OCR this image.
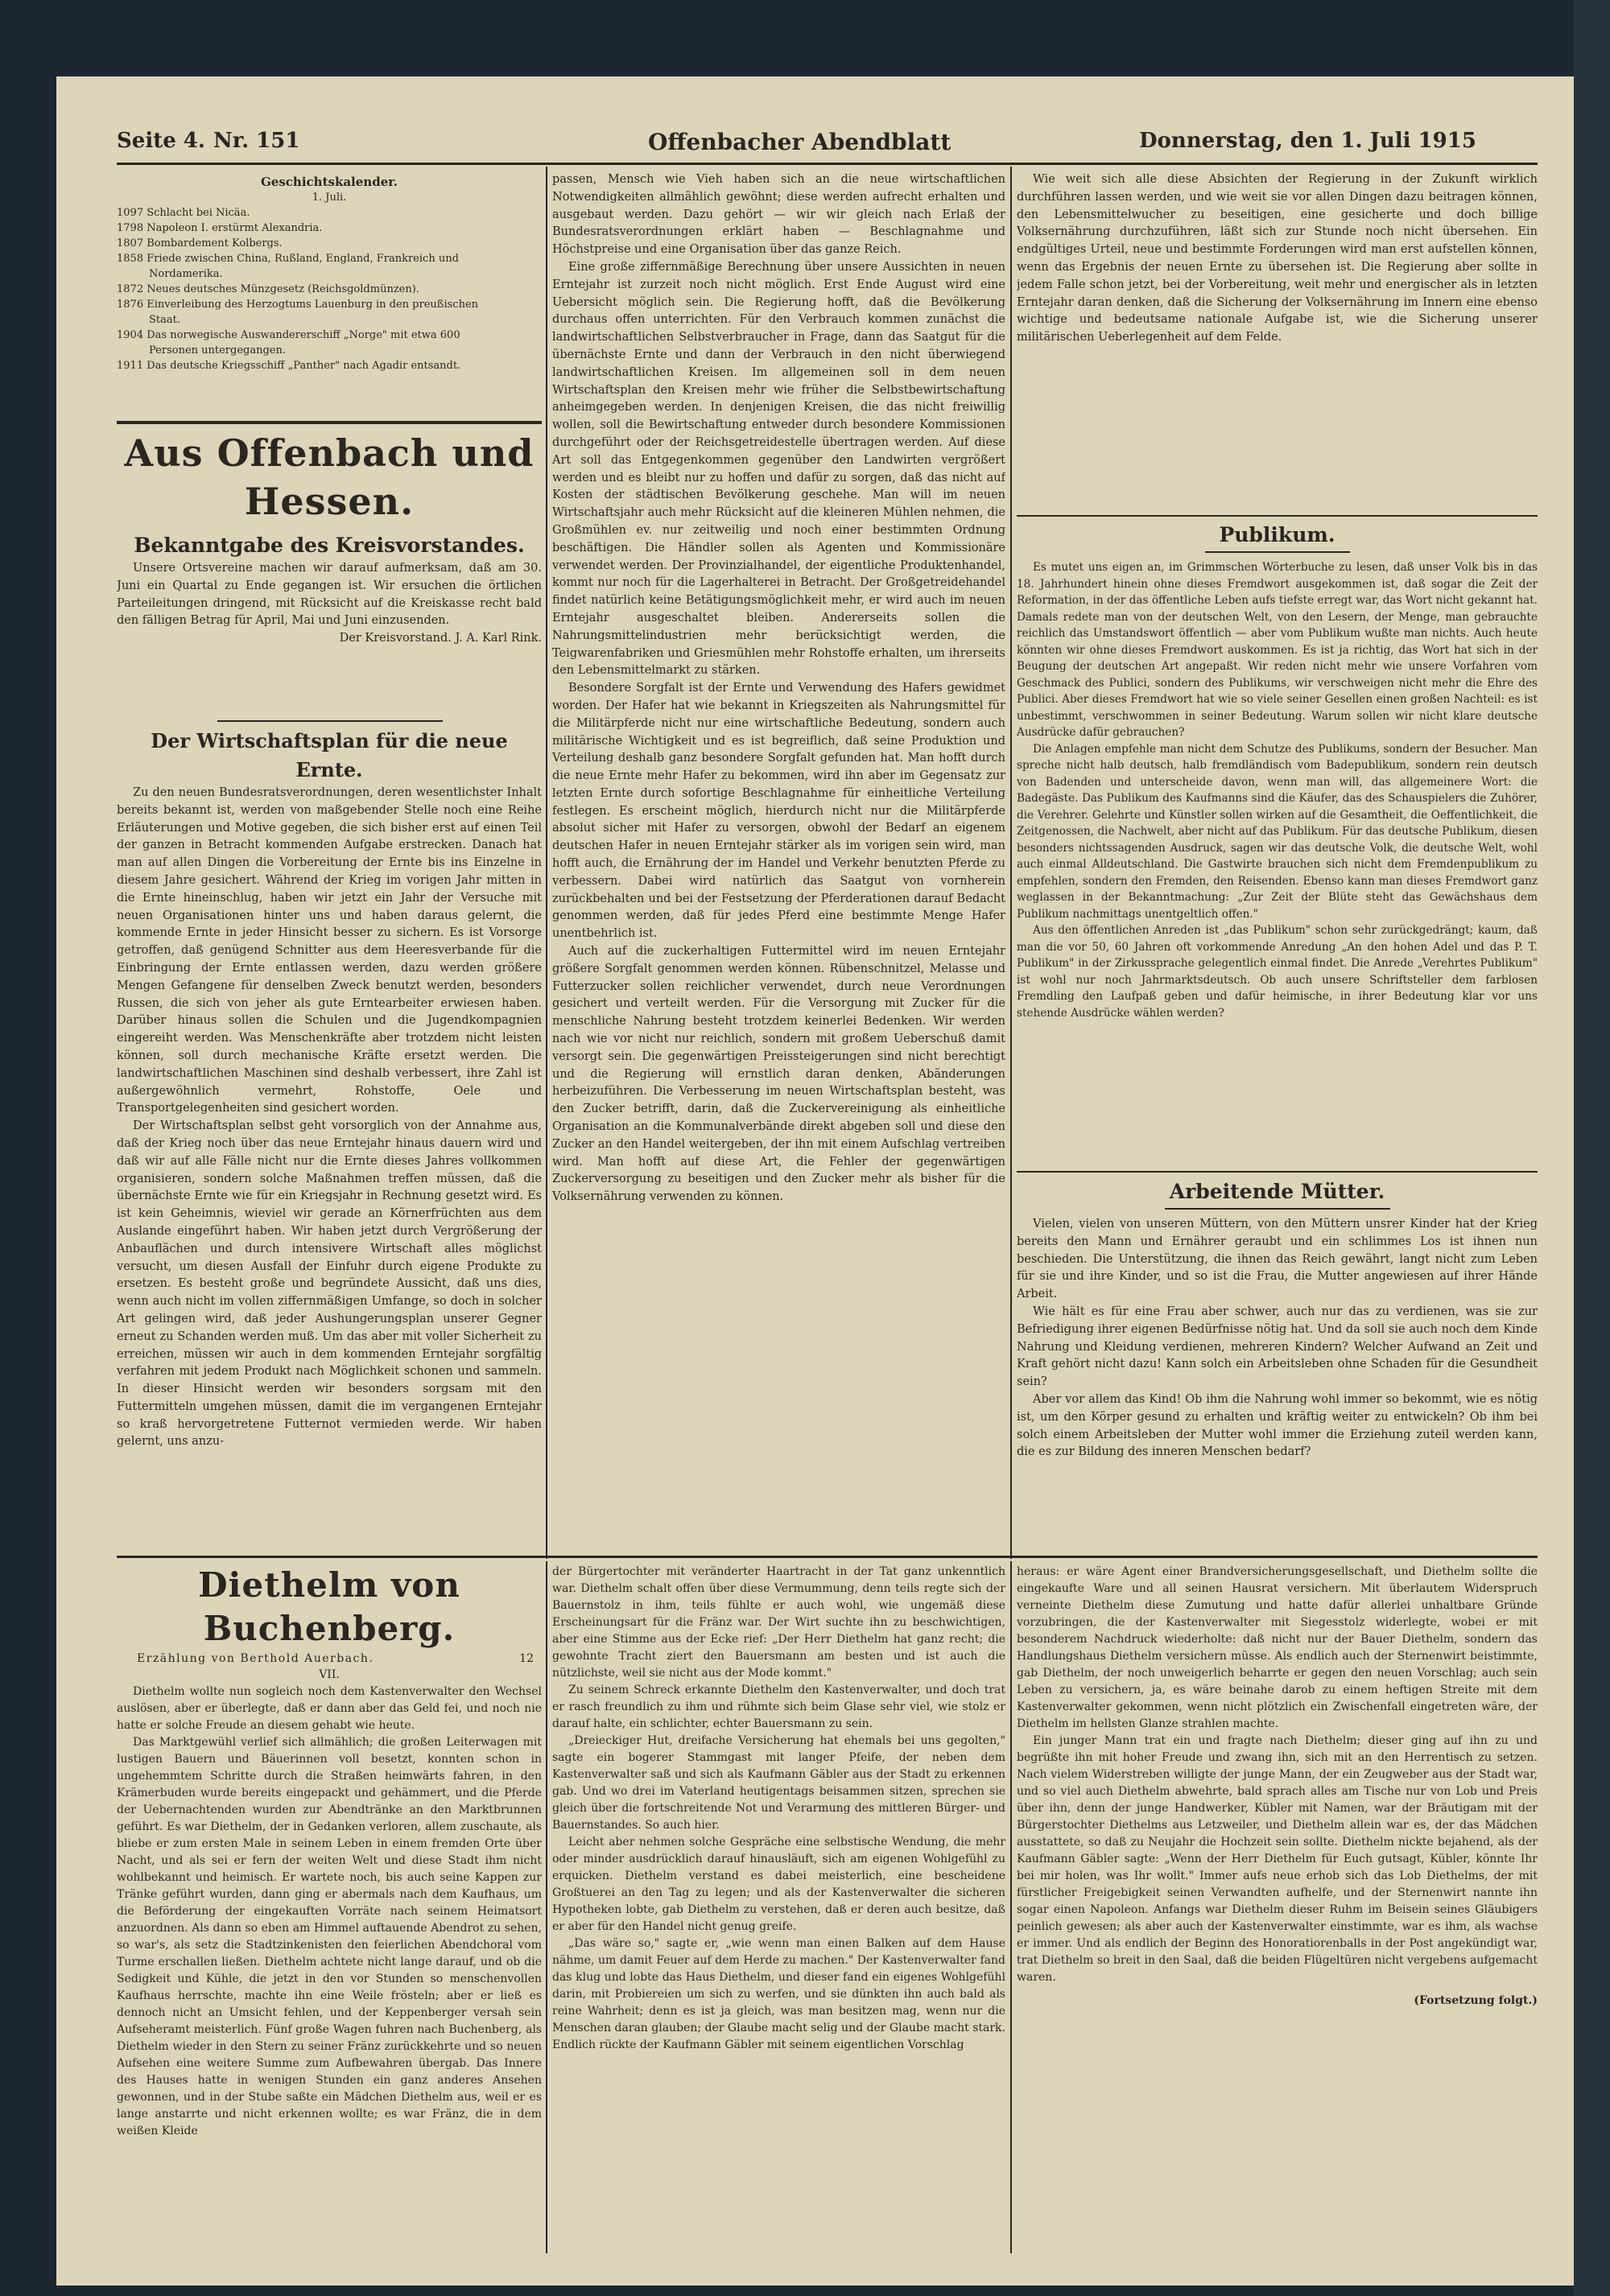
Seite 4. Nr. 151	Offenbacher Abendblatt	Donnerstag, den 1. Juli 1915
Geschichtskalender.
1. Juli.
1097 Schlacht bei Nicäa.
1798 Napoleon I. erstürmt Alexandria.
1807 Bombardement Kolbergs.
1858 Friede zwischen China, Rußland, England, Frankreich und
Nordamerika.
1872 Neues deutsches Münzgesetz (Reichsgoldmünzen).
1876 Einverleibung des Herzogtums Lauenburg in den preußischen
Staat.
1904 Das norwegische Auswandererschiff „Norge" mit etwa 600
Personen untergegangen.
1911 Das deutsche Kriegsschiff „Panther" nach Agadir entsandt.
Aus Offenbach und Hessen.
Bekanntgabe des Kreisvorstandes.

Unsere Ortsvereine machen wir darauf aufmerksam, daß am 30. Juni ein Quartal zu Ende gegangen ist. Wir ersuchen die örtlichen Parteileitungen dringend, mit Rücksicht auf die Kreiskasse recht bald den fälligen Betrag für April, Mai und Juni einzusenden.

Der Kreisvorstand. J. A. Karl Rink.
Der Wirtschaftsplan für die neue Ernte.

Zu den neuen Bundesratsverordnungen, deren wesentlichster Inhalt bereits bekannt ist, werden von maßgebender Stelle noch eine Reihe Erläuterungen und Motive gegeben, die sich bisher erst auf einen Teil der ganzen in Betracht kommenden Aufgabe erstrecken. Danach hat man auf allen Dingen die Vorbereitung der Ernte bis ins Einzelne in diesem Jahre gesichert. Während der Krieg im vorigen Jahr mitten in die Ernte hineinschlug, haben wir jetzt ein Jahr der Versuche mit neuen Organisationen hinter uns und haben daraus gelernt, die kommende Ernte in jeder Hinsicht besser zu sichern. Es ist Vorsorge getroffen, daß genügend Schnitter aus dem Heeresverbande für die Einbringung der Ernte entlassen werden, dazu werden größere Mengen Gefangene für denselben Zweck benutzt werden, besonders Russen, die sich von jeher als gute Erntearbeiter erwiesen haben. Darüber hinaus sollen die Schulen und die Jugendkompagnien eingereiht werden. Was Menschenkräfte aber trotzdem nicht leisten können, soll durch mechanische Kräfte ersetzt werden. Die landwirtschaftlichen Maschinen sind deshalb verbessert, ihre Zahl ist außergewöhnlich vermehrt, Rohstoffe, Oele und Transportgelegenheiten sind gesichert worden.

Der Wirtschaftsplan selbst geht vorsorglich von der Annahme aus, daß der Krieg noch über das neue Erntejahr hinaus dauern wird und daß wir auf alle Fälle nicht nur die Ernte dieses Jahres vollkommen organisieren, sondern solche Maßnahmen treffen müssen, daß die übernächste Ernte wie für ein Kriegsjahr in Rechnung gesetzt wird. Es ist kein Geheimnis, wieviel wir gerade an Körnerfrüchten aus dem Auslande eingeführt haben. Wir haben jetzt durch Vergrößerung der Anbauflächen und durch intensivere Wirtschaft alles möglichst versucht, um diesen Ausfall der Einfuhr durch eigene Produkte zu ersetzen. Es besteht große und begründete Aussicht, daß uns dies, wenn auch nicht im vollen ziffernmäßigen Umfange, so doch in solcher Art gelingen wird, daß jeder Aushungerungsplan unserer Gegner erneut zu Schanden werden muß. Um das aber mit voller Sicherheit zu erreichen, müssen wir auch in dem kommenden Erntejahr sorgfältig verfahren mit jedem Produkt nach Möglichkeit schonen und sammeln. In dieser Hinsicht werden wir besonders sorgsam mit den Futtermitteln umgehen müssen, damit die im vergangenen Erntejahr so kraß hervorgetretene Futternot vermieden werde. Wir haben gelernt, uns anzu-

passen, Mensch wie Vieh haben sich an die neue wirtschaftlichen Notwendigkeiten allmählich gewöhnt; diese werden aufrecht erhalten und ausgebaut werden. Dazu gehört — wir wir gleich nach Erlaß der Bundesratsverordnungen erklärt haben — Beschlagnahme und Höchstpreise und eine Organisation über das ganze Reich.

Eine große ziffernmäßige Berechnung über unsere Aussichten in neuen Erntejahr ist zurzeit noch nicht möglich. Erst Ende August wird eine Uebersicht möglich sein. Die Regierung hofft, daß die Bevölkerung durchaus offen unterrichten. Für den Verbrauch kommen zunächst die landwirtschaftlichen Selbstverbraucher in Frage, dann das Saatgut für die übernächste Ernte und dann der Verbrauch in den nicht überwiegend landwirtschaftlichen Kreisen. Im allgemeinen soll in dem neuen Wirtschaftsplan den Kreisen mehr wie früher die Selbstbewirtschaftung anheimgegeben werden. In denjenigen Kreisen, die das nicht freiwillig wollen, soll die Bewirtschaftung entweder durch besondere Kommissionen durchgeführt oder der Reichsgetreidestelle übertragen werden. Auf diese Art soll das Entgegenkommen gegenüber den Landwirten vergrößert werden und es bleibt nur zu hoffen und dafür zu sorgen, daß das nicht auf Kosten der städtischen Bevölkerung geschehe. Man will im neuen Wirtschaftsjahr auch mehr Rücksicht auf die kleineren Mühlen nehmen, die Großmühlen ev. nur zeitweilig und noch einer bestimmten Ordnung beschäftigen. Die Händler sollen als Agenten und Kommissionäre verwendet werden. Der Provinzialhandel, der eigentliche Produktenhandel, kommt nur noch für die Lagerhalterei in Betracht. Der Großgetreidehandel findet natürlich keine Betätigungsmöglichkeit mehr, er wird auch im neuen Erntejahr ausgeschaltet bleiben. Andererseits sollen die Nahrungsmittelindustrien mehr berücksichtigt werden, die Teigwarenfabriken und Griesmühlen mehr Rohstoffe erhalten, um ihrerseits den Lebensmittelmarkt zu stärken.

Besondere Sorgfalt ist der Ernte und Verwendung des Hafers gewidmet worden. Der Hafer hat wie bekannt in Kriegszeiten als Nahrungsmittel für die Militärpferde nicht nur eine wirtschaftliche Bedeutung, sondern auch militärische Wichtigkeit und es ist begreiflich, daß seine Produktion und Verteilung deshalb ganz besondere Sorgfalt gefunden hat. Man hofft durch die neue Ernte mehr Hafer zu bekommen, wird ihn aber im Gegensatz zur letzten Ernte durch sofortige Beschlagnahme für einheitliche Verteilung festlegen. Es erscheint möglich, hierdurch nicht nur die Militärpferde absolut sicher mit Hafer zu versorgen, obwohl der Bedarf an eigenem deutschen Hafer in neuen Erntejahr stärker als im vorigen sein wird, man hofft auch, die Ernährung der im Handel und Verkehr benutzten Pferde zu verbessern. Dabei wird natürlich das Saatgut von vornherein zurückbehalten und bei der Festsetzung der Pferderationen darauf Bedacht genommen werden, daß für jedes Pferd eine bestimmte Menge Hafer unentbehrlich ist.

Auch auf die zuckerhaltigen Futtermittel wird im neuen Erntejahr größere Sorgfalt genommen werden können. Rübenschnitzel, Melasse und Futterzucker sollen reichlicher verwendet, durch neue Verordnungen gesichert und verteilt werden. Für die Versorgung mit Zucker für die menschliche Nahrung besteht trotzdem keinerlei Bedenken. Wir werden nach wie vor nicht nur reichlich, sondern mit großem Ueberschuß damit versorgt sein. Die gegenwärtigen Preissteigerungen sind nicht berechtigt und die Regierung will ernstlich daran denken, Abänderungen herbeizuführen. Die Verbesserung im neuen Wirtschaftsplan besteht, was den Zucker betrifft, darin, daß die Zuckervereinigung als einheitliche Organisation an die Kommunalverbände direkt abgeben soll und diese den Zucker an den Handel weitergeben, der ihn mit einem Aufschlag vertreiben wird. Man hofft auf diese Art, die Fehler der gegenwärtigen Zuckerversorgung zu beseitigen und den Zucker mehr als bisher für die Volksernährung verwenden zu können.

Wie weit sich alle diese Absichten der Regierung in der Zukunft wirklich durchführen lassen werden, und wie weit sie vor allen Dingen dazu beitragen können, den Lebensmittelwucher zu beseitigen, eine gesicherte und doch billige Volksernährung durchzuführen, läßt sich zur Stunde noch nicht übersehen. Ein endgültiges Urteil, neue und bestimmte Forderungen wird man erst aufstellen können, wenn das Ergebnis der neuen Ernte zu übersehen ist. Die Regierung aber sollte in jedem Falle schon jetzt, bei der Vorbereitung, weit mehr und energischer als in letzten Erntejahr daran denken, daß die Sicherung der Volksernährung im Innern eine ebenso wichtige und bedeutsame nationale Aufgabe ist, wie die Sicherung unserer militärischen Ueberlegenheit auf dem Felde.

Publikum.

Es mutet uns eigen an, im Grimmschen Wörterbuche zu lesen, daß unser Volk bis in das 18. Jahrhundert hinein ohne dieses Fremdwort ausgekommen ist, daß sogar die Zeit der Reformation, in der das öffentliche Leben aufs tiefste erregt war, das Wort nicht gekannt hat. Damals redete man von der deutschen Welt, von den Lesern, der Menge, man gebrauchte reichlich das Umstandswort öffentlich — aber vom Publikum wußte man nichts. Auch heute könnten wir ohne dieses Fremdwort auskommen. Es ist ja richtig, das Wort hat sich in der Beugung der deutschen Art angepaßt. Wir reden nicht mehr wie unsere Vorfahren vom Geschmack des Publici, sondern des Publikums, wir verschweigen nicht mehr die Ehre des Publici. Aber dieses Fremdwort hat wie so viele seiner Gesellen einen großen Nachteil: es ist unbestimmt, verschwommen in seiner Bedeutung. Warum sollen wir nicht klare deutsche Ausdrücke dafür gebrauchen?

Die Anlagen empfehle man nicht dem Schutze des Publikums, sondern der Besucher. Man spreche nicht halb deutsch, halb fremdländisch vom Badepublikum, sondern rein deutsch von Badenden und unterscheide davon, wenn man will, das allgemeinere Wort: die Badegäste. Das Publikum des Kaufmanns sind die Käufer, das des Schauspielers die Zuhörer, die Verehrer. Gelehrte und Künstler sollen wirken auf die Gesamtheit, die Oeffentlichkeit, die Zeitgenossen, die Nachwelt, aber nicht auf das Publikum. Für das deutsche Publikum, diesen besonders nichtssagenden Ausdruck, sagen wir das deutsche Volk, die deutsche Welt, wohl auch einmal Alldeutschland. Die Gastwirte brauchen sich nicht dem Fremdenpublikum zu empfehlen, sondern den Fremden, den Reisenden. Ebenso kann man dieses Fremdwort ganz weglassen in der Bekanntmachung: „Zur Zeit der Blüte steht das Gewächshaus dem Publikum nachmittags unentgeltlich offen."

Aus den öffentlichen Anreden ist „das Publikum" schon sehr zurückgedrängt; kaum, daß man die vor 50, 60 Jahren oft vorkommende Anredung „An den hohen Adel und das P. T. Publikum" in der Zirkussprache gelegentlich einmal findet. Die Anrede „Verehrtes Publikum" ist wohl nur noch Jahrmarktsdeutsch. Ob auch unsere Schriftsteller dem farblosen Fremdling den Laufpaß geben und dafür heimische, in ihrer Bedeutung klar vor uns stehende Ausdrücke wählen werden?

Arbeitende Mütter.

Vielen, vielen von unseren Müttern, von den Müttern unsrer Kinder hat der Krieg bereits den Mann und Ernährer geraubt und ein schlimmes Los ist ihnen nun beschieden. Die Unterstützung, die ihnen das Reich gewährt, langt nicht zum Leben für sie und ihre Kinder, und so ist die Frau, die Mutter angewiesen auf ihrer Hände Arbeit.

Wie hält es für eine Frau aber schwer, auch nur das zu verdienen, was sie zur Befriedigung ihrer eigenen Bedürfnisse nötig hat. Und da soll sie auch noch dem Kinde Nahrung und Kleidung verdienen, mehreren Kindern? Welcher Aufwand an Zeit und Kraft gehört nicht dazu! Kann solch ein Arbeitsleben ohne Schaden für die Gesundheit sein?

Aber vor allem das Kind! Ob ihm die Nahrung wohl immer so bekommt, wie es nötig ist, um den Körper gesund zu erhalten und kräftig weiter zu entwickeln? Ob ihm bei solch einem Arbeitsleben der Mutter wohl immer die Erziehung zuteil werden kann, die es zur Bildung des inneren Menschen bedarf?

Diethelm von Buchenberg.
Erzählung von Berthold Auerbach.	12
VII.

Diethelm wollte nun sogleich noch dem Kastenverwalter den Wechsel auslösen, aber er überlegte, daß er dann aber das Geld fei, und noch nie hatte er solche Freude an diesem gehabt wie heute.

Das Marktgewühl verlief sich allmählich; die großen Leiterwagen mit lustigen Bauern und Bäuerinnen voll besetzt, konnten schon in ungehemmtem Schritte durch die Straßen heimwärts fahren, in den Krämerbuden wurde bereits eingepackt und gehämmert, und die Pferde der Uebernachtenden wurden zur Abendtränke an den Marktbrunnen geführt. Es war Diethelm, der in Gedanken verloren, allem zuschaute, als bliebe er zum ersten Male in seinem Leben in einem fremden Orte über Nacht, und als sei er fern der weiten Welt und diese Stadt ihm nicht wohlbekannt und heimisch. Er wartete noch, bis auch seine Kappen zur Tränke geführt wurden, dann ging er abermals nach dem Kaufhaus, um die Beförderung der eingekauften Vorräte nach seinem Heimatsort anzuordnen. Als dann so eben am Himmel auftauende Abendrot zu sehen, so war's, als setz die Stadtzinkenisten den feierlichen Abendchoral vom Turme erschallen ließen. Diethelm achtete nicht lange darauf, und ob die Sedigkeit und Kühle, die jetzt in den vor Stunden so menschenvollen Kaufhaus herrschte, machte ihn eine Weile frösteln; aber er ließ es dennoch nicht an Umsicht fehlen, und der Keppenberger versah sein Aufseheramt meisterlich. Fünf große Wagen fuhren nach Buchenberg, als Diethelm wieder in den Stern zu seiner Fränz zurückkehrte und so neuen Aufsehen eine weitere Summe zum Aufbewahren übergab. Das Innere des Hauses hatte in wenigen Stunden ein ganz anderes Ansehen gewonnen, und in der Stube saßte ein Mädchen Diethelm aus, weil er es lange anstarrte und nicht erkennen wollte; es war Fränz, die in dem weißen Kleide

der Bürgertochter mit veränderter Haartracht in der Tat ganz unkenntlich war. Diethelm schalt offen über diese Vermummung, denn teils regte sich der Bauernstolz in ihm, teils fühlte er auch wohl, wie ungemäß diese Erscheinungsart für die Fränz war. Der Wirt suchte ihn zu beschwichtigen, aber eine Stimme aus der Ecke rief: „Der Herr Diethelm hat ganz recht; die gewohnte Tracht ziert den Bauersmann am besten und ist auch die nützlichste, weil sie nicht aus der Mode kommt."

Zu seinem Schreck erkannte Diethelm den Kastenverwalter, und doch trat er rasch freundlich zu ihm und rühmte sich beim Glase sehr viel, wie stolz er darauf halte, ein schlichter, echter Bauersmann zu sein.

„Dreieckiger Hut, dreifache Versicherung hat ehemals bei uns gegolten," sagte ein bogerer Stammgast mit langer Pfeife, der neben dem Kastenverwalter saß und sich als Kaufmann Gäbler aus der Stadt zu erkennen gab. Und wo drei im Vaterland heutigentags beisammen sitzen, sprechen sie gleich über die fortschreitende Not und Verarmung des mittleren Bürger- und Bauernstandes. So auch hier.

Leicht aber nehmen solche Gespräche eine selbstische Wendung, die mehr oder minder ausdrücklich darauf hinausläuft, sich am eigenen Wohlgefühl zu erquicken. Diethelm verstand es dabei meisterlich, eine bescheidene Großtuerei an den Tag zu legen; und als der Kastenverwalter die sicheren Hypotheken lobte, gab Diethelm zu verstehen, daß er deren auch besitze, daß er aber für den Handel nicht genug greife.

„Das wäre so," sagte er, „wie wenn man einen Balken auf dem Hause nähme, um damit Feuer auf dem Herde zu machen." Der Kastenverwalter fand das klug und lobte das Haus Diethelm, und dieser fand ein eigenes Wohlgefühl darin, mit Probiereien um sich zu werfen, und sie dünkten ihn auch bald als reine Wahrheit; denn es ist ja gleich, was man besitzen mag, wenn nur die Menschen daran glauben; der Glaube macht selig und der Glaube macht stark. Endlich rückte der Kaufmann Gäbler mit seinem eigentlichen Vorschlag

heraus: er wäre Agent einer Brandversicherungsgesellschaft, und Diethelm sollte die eingekaufte Ware und all seinen Hausrat versichern. Mit überlautem Widerspruch verneinte Diethelm diese Zumutung und hatte dafür allerlei unhaltbare Gründe vorzubringen, die der Kastenverwalter mit Siegesstolz widerlegte, wobei er mit besonderem Nachdruck wiederholte: daß nicht nur der Bauer Diethelm, sondern das Handlungshaus Diethelm versichern müsse. Als endlich auch der Sternenwirt beistimmte, gab Diethelm, der noch unweigerlich beharrte er gegen den neuen Vorschlag; auch sein Leben zu versichern, ja, es wäre beinahe darob zu einem heftigen Streite mit dem Kastenverwalter gekommen, wenn nicht plötzlich ein Zwischenfall eingetreten wäre, der Diethelm im hellsten Glanze strahlen machte.

Ein junger Mann trat ein und fragte nach Diethelm; dieser ging auf ihn zu und begrüßte ihn mit hoher Freude und zwang ihn, sich mit an den Herrentisch zu setzen. Nach vielem Widerstreben willigte der junge Mann, der ein Zeugweber aus der Stadt war, und so viel auch Diethelm abwehrte, bald sprach alles am Tische nur von Lob und Preis über ihn, denn der junge Handwerker, Kübler mit Namen, war der Bräutigam mit der Bürgerstochter Diethelms aus Letzweiler, und Diethelm allein war es, der das Mädchen ausstattete, so daß zu Neujahr die Hochzeit sein sollte. Diethelm nickte bejahend, als der Kaufmann Gäbler sagte: „Wenn der Herr Diethelm für Euch gutsagt, Kübler, könnte Ihr bei mir holen, was Ihr wollt." Immer aufs neue erhob sich das Lob Diethelms, der mit fürstlicher Freigebigkeit seinen Verwandten aufhelfe, und der Sternenwirt nannte ihn sogar einen Napoleon. Anfangs war Diethelm dieser Ruhm im Beisein seines Gläubigers peinlich gewesen; als aber auch der Kastenverwalter einstimmte, war es ihm, als wachse er immer. Und als endlich der Beginn des Honoratiorenballs in der Post angekündigt war, trat Diethelm so breit in den Saal, daß die beiden Flügeltüren nicht vergebens aufgemacht waren.

(Fortsetzung folgt.)
